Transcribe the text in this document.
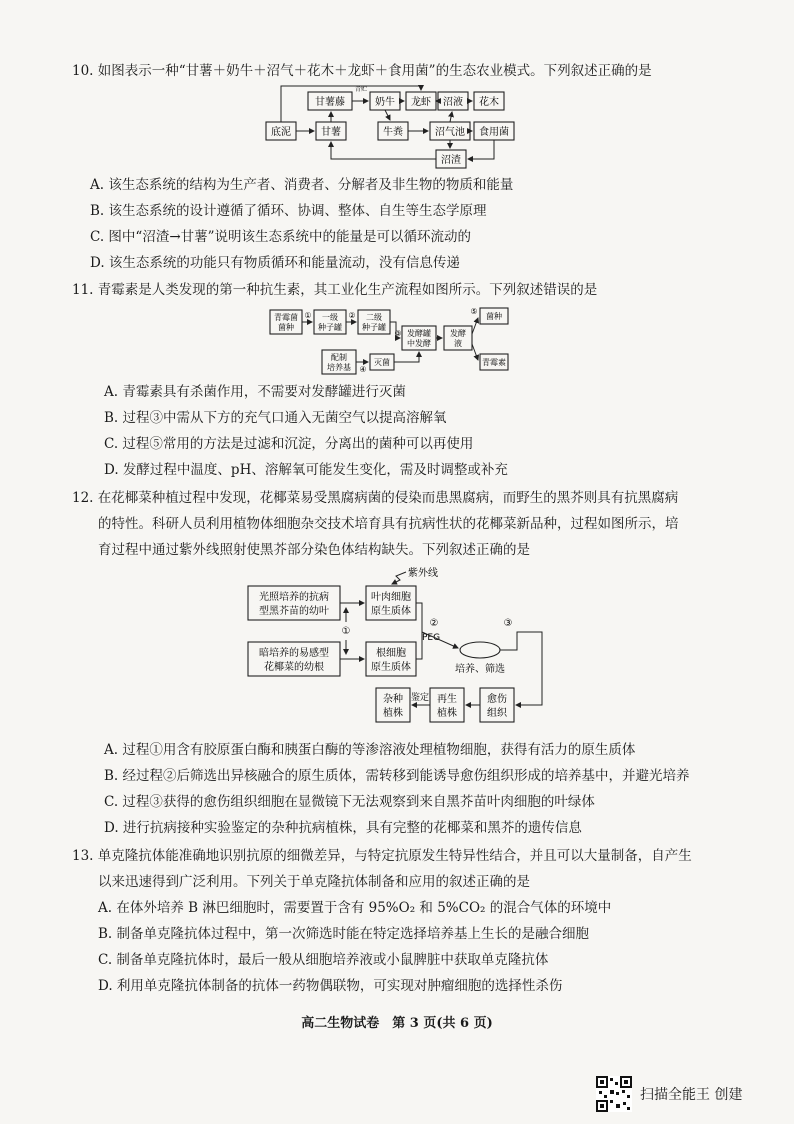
10. 如图表示一种“甘薯＋奶牛＋沼气＋花木＋龙虾＋食用菌”的生态农业模式。下列叙述正确的是
甘薯藤	奶牛 龙虾 沼液 花木
底泥	甘薯	牛粪	沼气池 食用菌
沼渣
青贮
A. 该生态系统的结构为生产者、消费者、分解者及非生物的物质和能量
B. 该生态系统的设计遵循了循环、协调、整体、自生等生态学原理
C. 图中“沼渣→甘薯”说明该生态系统中的能量是可以循环流动的
D. 该生态系统的功能只有物质循环和能量流动，没有信息传递
11. 青霉素是人类发现的第一种抗生素，其工业化生产流程如图所示。下列叙述错误的是
青霉菌
菌种
一级
种子罐
二级
种子罐
发酵罐
中发酵
发酵
液
菌种
青霉素
配制
培养基
灭菌
①	②
③
④
⑤
A. 青霉素具有杀菌作用，不需要对发酵罐进行灭菌
B. 过程③中需从下方的充气口通入无菌空气以提高溶解氧
C. 过程⑤常用的方法是过滤和沉淀，分离出的菌种可以再使用
D. 发酵过程中温度、pH、溶解氧可能发生变化，需及时调整或补充
12. 在花椰菜种植过程中发现，花椰菜易受黑腐病菌的侵染而患黑腐病，而野生的黑芥则具有抗黑腐病
的特性。科研人员利用植物体细胞杂交技术培育具有抗病性状的花椰菜新品种，过程如图所示，培
育过程中通过紫外线照射使黑芥部分染色体结构缺失。下列叙述正确的是
光照培养的抗病
型黑芥苗的幼叶
暗培养的易感型
花椰菜的幼根
叶肉细胞
原生质体
根细胞
原生质体
紫外线
PEG
培养、筛选
愈伤
组织
再生
植株
杂种
植株
鉴定
①
②	③
A. 过程①用含有胶原蛋白酶和胰蛋白酶的等渗溶液处理植物细胞，获得有活力的原生质体
B. 经过程②后筛选出异核融合的原生质体，需转移到能诱导愈伤组织形成的培养基中，并避光培养
C. 过程③获得的愈伤组织细胞在显微镜下无法观察到来自黑芥苗叶肉细胞的叶绿体
D. 进行抗病接种实验鉴定的杂种抗病植株，具有完整的花椰菜和黑芥的遗传信息
13. 单克隆抗体能准确地识别抗原的细微差异，与特定抗原发生特异性结合，并且可以大量制备，自产生
以来迅速得到广泛利用。下列关于单克隆抗体制备和应用的叙述正确的是
A. 在体外培养 B 淋巴细胞时，需要置于含有 95%O₂ 和 5%CO₂ 的混合气体的环境中
B. 制备单克隆抗体过程中，第一次筛选时能在特定选择培养基上生长的是融合细胞
C. 制备单克隆抗体时，最后一般从细胞培养液或小鼠脾脏中获取单克隆抗体
D. 利用单克隆抗体制备的抗体一药物偶联物，可实现对肿瘤细胞的选择性杀伤
高二生物试卷　第 3 页(共 6 页)
扫描全能王 创建
